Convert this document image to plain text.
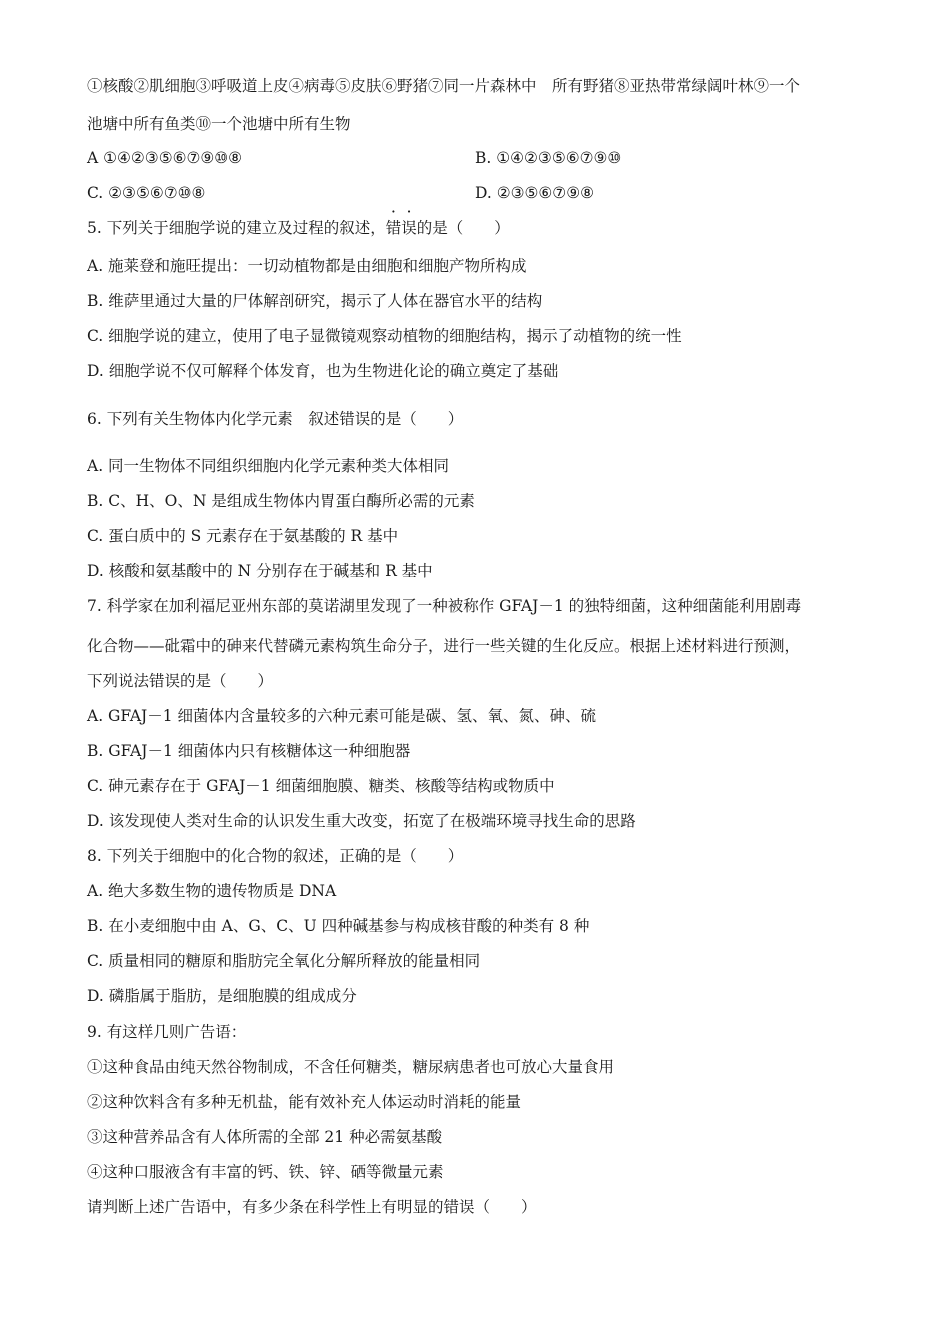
①核酸②肌细胞③呼吸道上皮④病毒⑤皮肤⑥野猪⑦同一片森林中　所有野猪⑧亚热带常绿阔叶林⑨一个
池塘中所有鱼类⑩一个池塘中所有生物
A ①④②③⑤⑥⑦⑨⑩⑧	B. ①④②③⑤⑥⑦⑨⑩
C. ②③⑤⑥⑦⑩⑧	D. ②③⑤⑥⑦⑨⑧
5. 下列关于细胞学说的建立及过程的叙述，错误的是（　　）
A. 施莱登和施旺提出：一切动植物都是由细胞和细胞产物所构成
B. 维萨里通过大量的尸体解剖研究，揭示了人体在器官水平的结构
C. 细胞学说的建立，使用了电子显微镜观察动植物的细胞结构，揭示了动植物的统一性
D. 细胞学说不仅可解释个体发育，也为生物进化论的确立奠定了基础
6. 下列有关生物体内化学元素　叙述错误的是（　　）
A. 同一生物体不同组织细胞内化学元素种类大体相同
B. C、H、O、N 是组成生物体内胃蛋白酶所必需的元素
C. 蛋白质中的 S 元素存在于氨基酸的 R 基中
D. 核酸和氨基酸中的 N 分别存在于碱基和 R 基中
7. 科学家在加利福尼亚州东部的莫诺湖里发现了一种被称作 GFAJ－1 的独特细菌，这种细菌能利用剧毒
化合物——砒霜中的砷来代替磷元素构筑生命分子，进行一些关键的生化反应。根据上述材料进行预测，
下列说法错误的是（　　）
A. GFAJ－1 细菌体内含量较多的六种元素可能是碳、氢、氧、氮、砷、硫
B. GFAJ－1 细菌体内只有核糖体这一种细胞器
C. 砷元素存在于 GFAJ－1 细菌细胞膜、糖类、核酸等结构或物质中
D. 该发现使人类对生命的认识发生重大改变，拓宽了在极端环境寻找生命的思路
8. 下列关于细胞中的化合物的叙述，正确的是（　　）
A. 绝大多数生物的遗传物质是 DNA
B. 在小麦细胞中由 A、G、C、U 四种碱基参与构成核苷酸的种类有 8 种
C. 质量相同的糖原和脂肪完全氧化分解所释放的能量相同
D. 磷脂属于脂肪，是细胞膜的组成成分
9. 有这样几则广告语：
①这种食品由纯天然谷物制成，不含任何糖类，糖尿病患者也可放心大量食用
②这种饮料含有多种无机盐，能有效补充人体运动时消耗的能量
③这种营养品含有人体所需的全部 21 种必需氨基酸
④这种口服液含有丰富的钙、铁、锌、硒等微量元素
请判断上述广告语中，有多少条在科学性上有明显的错误（　　）
